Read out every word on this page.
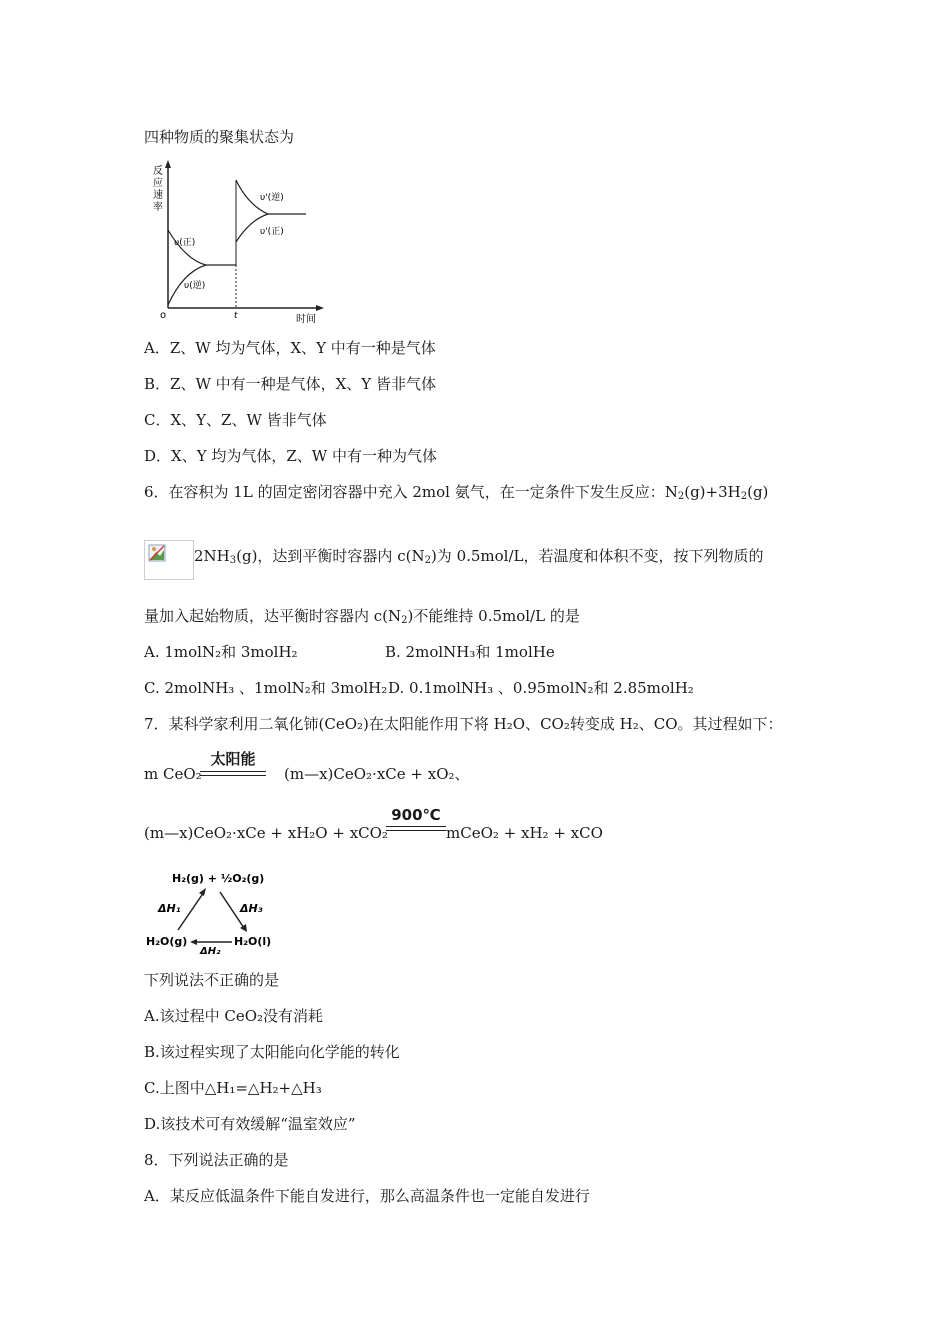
四种物质的聚集状态为
反
应
速
率
o	时间
t
υ(正)
υ(逆)
υ'(逆)
υ'(正)
A．Z、W 均为气体，X、Y 中有一种是气体
B．Z、W 中有一种是气体，X、Y 皆非气体
C．X、Y、Z、W 皆非气体
D．X、Y 均为气体，Z、W 中有一种为气体
6．在容积为 1L 的固定密闭容器中充入 2mol 氨气，在一定条件下发生反应：$N_2(g)+3H_2(g)$
$2NH_3(g)$，达到平衡时容器内 $c(N_2)$为 0.5mol/L，若温度和体积不变，按下列物质的
量加入起始物质，达平衡时容器内 $c(N_2)$不能维持 0.5mol/L 的是
A. 1molN₂和 3molH₂	B. 2molNH₃和 1molHe
C. 2molNH₃ 、1molN₂和 3molH₂ D. 0.1molNH₃ 、0.95molN₂和 2.85molH₂
7．某科学家利用二氧化铈(CeO₂)在太阳能作用下将 H₂O、CO₂转变成 H₂、CO。其过程如下：
m CeO₂
太阳能
(m—x)CeO₂·xCe + xO₂、
(m—x)CeO₂·xCe + xH₂O + xCO₂
900℃
mCeO₂ + xH₂ + xCO
H₂(g) + ½O₂(g)
H₂O(g)	H₂O(l)
ΔH₁	ΔH₃
ΔH₂
下列说法不正确的是
A.该过程中 CeO₂没有消耗
B.该过程实现了太阳能向化学能的转化
C.上图中△H₁=△H₂+△H₃
D.该技术可有效缓解“温室效应”
8．下列说法正确的是
A．某反应低温条件下能自发进行，那么高温条件也一定能自发进行
